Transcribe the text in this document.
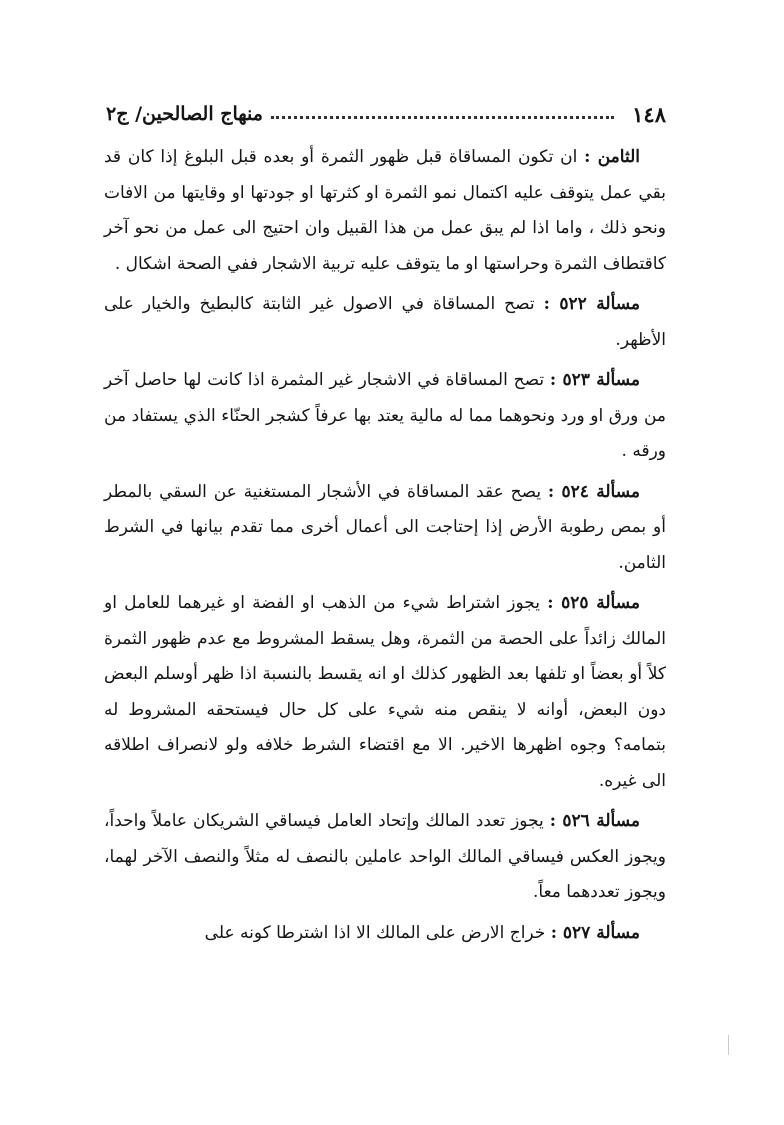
١٤٨
منهاج الصالحين/ ج٢

الثامن : ان تكون المساقاة قبل ظهور الثمرة أو بعده قبل البلوغ إذا كان قد بقي عمل يتوقف عليه اكتمال نمو الثمرة او كثرتها او جودتها او وقايتها من الافات ونحو ذلك ، واما اذا لم يبق عمل من هذا القبيل وان احتيج الى عمل من نحو آخر كاقتطاف الثمرة وحراستها او ما يتوقف عليه تربية الاشجار ففي الصحة اشكال .

مسألة ٥٢٢ : تصح المساقاة في الاصول غير الثابتة كالبطيخ والخيار على الأظهر.

مسألة ٥٢٣ : تصح المساقاة في الاشجار غير المثمرة اذا كانت لها حاصل آخر من ورق او ورد ونحوهما مما له مالية يعتد بها عرفاً كشجر الحنّاء الذي يستفاد من ورقه .

مسألة ٥٢٤ : يصح عقد المساقاة في الأشجار المستغنية عن السقي بالمطر أو بمص رطوبة الأرض إذا إحتاجت الى أعمال أخرى مما تقدم بيانها في الشرط الثامن.

مسألة ٥٢٥ : يجوز اشتراط شيء من الذهب او الفضة او غيرهما للعامل او المالك زائداً على الحصة من الثمرة، وهل يسقط المشروط مع عدم ظهور الثمرة كلاً أو بعضاً او تلفها بعد الظهور كذلك او انه يقسط بالنسبة اذا ظهر أوسلم البعض دون البعض، أوانه لا ينقص منه شيء على كل حال فيستحقه المشروط له بتمامه؟ وجوه اظهرها الاخير. الا مع اقتضاء الشرط خلافه ولو لانصراف اطلاقه الى غيره.

مسألة ٥٢٦ : يجوز تعدد المالك وإتحاد العامل فيساقي الشريكان عاملاً واحداً، ويجوز العكس فيساقي المالك الواحد عاملين بالنصف له مثلاً والنصف الآخر لهما، ويجوز تعددهما معاً.

مسألة ٥٢٧ : خراج الارض على المالك الا اذا اشترطا كونه على
